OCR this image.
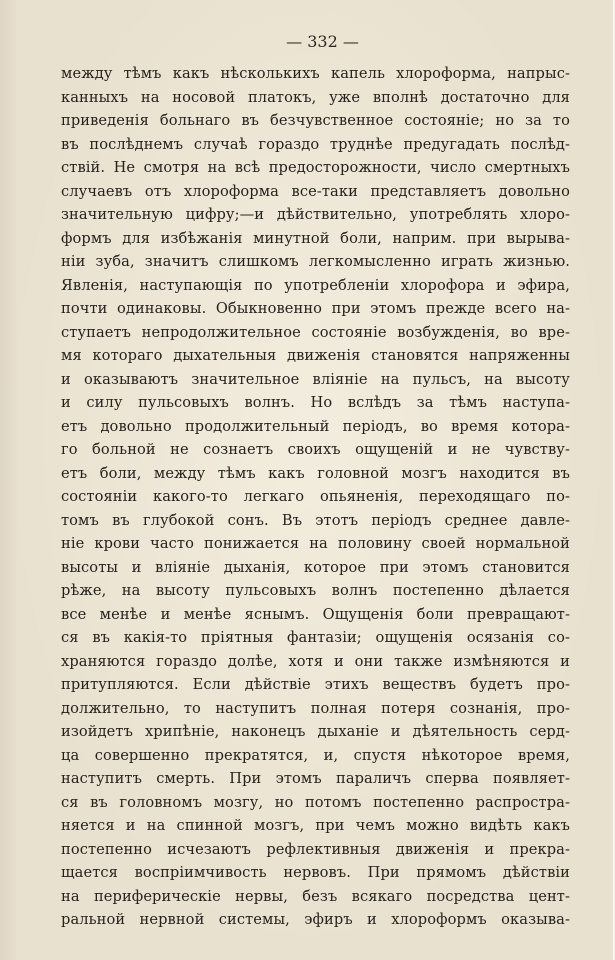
— 332 —

между тѣмъ какъ нѣсколькихъ капель хлороформа, напрыс-
канныхъ на носовой платокъ, уже вполнѣ достаточно для
приведенія больнаго въ безчувственное состояніе; но за то
въ послѣднемъ случаѣ гораздо труднѣе предугадать послѣд-
ствій. Не смотря на всѣ предосторожности, число смертныхъ
случаевъ отъ хлороформа все-таки представляетъ довольно
значительную цифру;—и дѣйствительно, употреблять хлоро-
формъ для избѣжанія минутной боли, наприм. при вырыва-
ніи зуба, значитъ слишкомъ легкомысленно играть жизнью.
Явленія, наступающія по употребленіи хлорофора и эфира,
почти одинаковы. Обыкновенно при этомъ прежде всего на-
ступаетъ непродолжительное состояніе возбужденія, во вре-
мя котораго дыхательныя движенія становятся напряженны
и оказываютъ значительное вліяніе на пульсъ, на высоту
и силу пульсовыхъ волнъ. Но вслѣдъ за тѣмъ наступа-
етъ довольно продолжительный періодъ, во время котора-
го больной не сознаетъ своихъ ощущеній и не чувству-
етъ боли, между тѣмъ какъ головной мозгъ находится въ
состояніи какого-то легкаго опьяненія, переходящаго по-
томъ въ глубокой сонъ. Въ этотъ періодъ среднее давле-
ніе крови часто понижается на половину своей нормальной
высоты и вліяніе дыханія, которое при этомъ становится
рѣже, на высоту пульсовыхъ волнъ постепенно дѣлается
все менѣе и менѣе яснымъ. Ощущенія боли превращают-
ся въ какія-то пріятныя фантазіи; ощущенія осязанія со-
храняются гораздо долѣе, хотя и они также измѣняются и
притупляются. Если дѣйствіе этихъ веществъ будетъ про-
должительно, то наступитъ полная потеря сознанія, про-
изойдетъ хрипѣніе, наконецъ дыханіе и дѣятельность серд-
ца совершенно прекратятся, и, спустя нѣкоторое время,
наступитъ смерть. При этомъ параличъ сперва появляет-
ся въ головномъ мозгу, но потомъ постепенно распростра-
няется и на спинной мозгъ, при чемъ можно видѣть какъ
постепенно исчезаютъ рефлективныя движенія и прекра-
щается воспріимчивость нервовъ. При прямомъ дѣйствіи
на периферическіе нервы, безъ всякаго посредства цент-
ральной нервной системы, эфиръ и хлороформъ оказыва-
